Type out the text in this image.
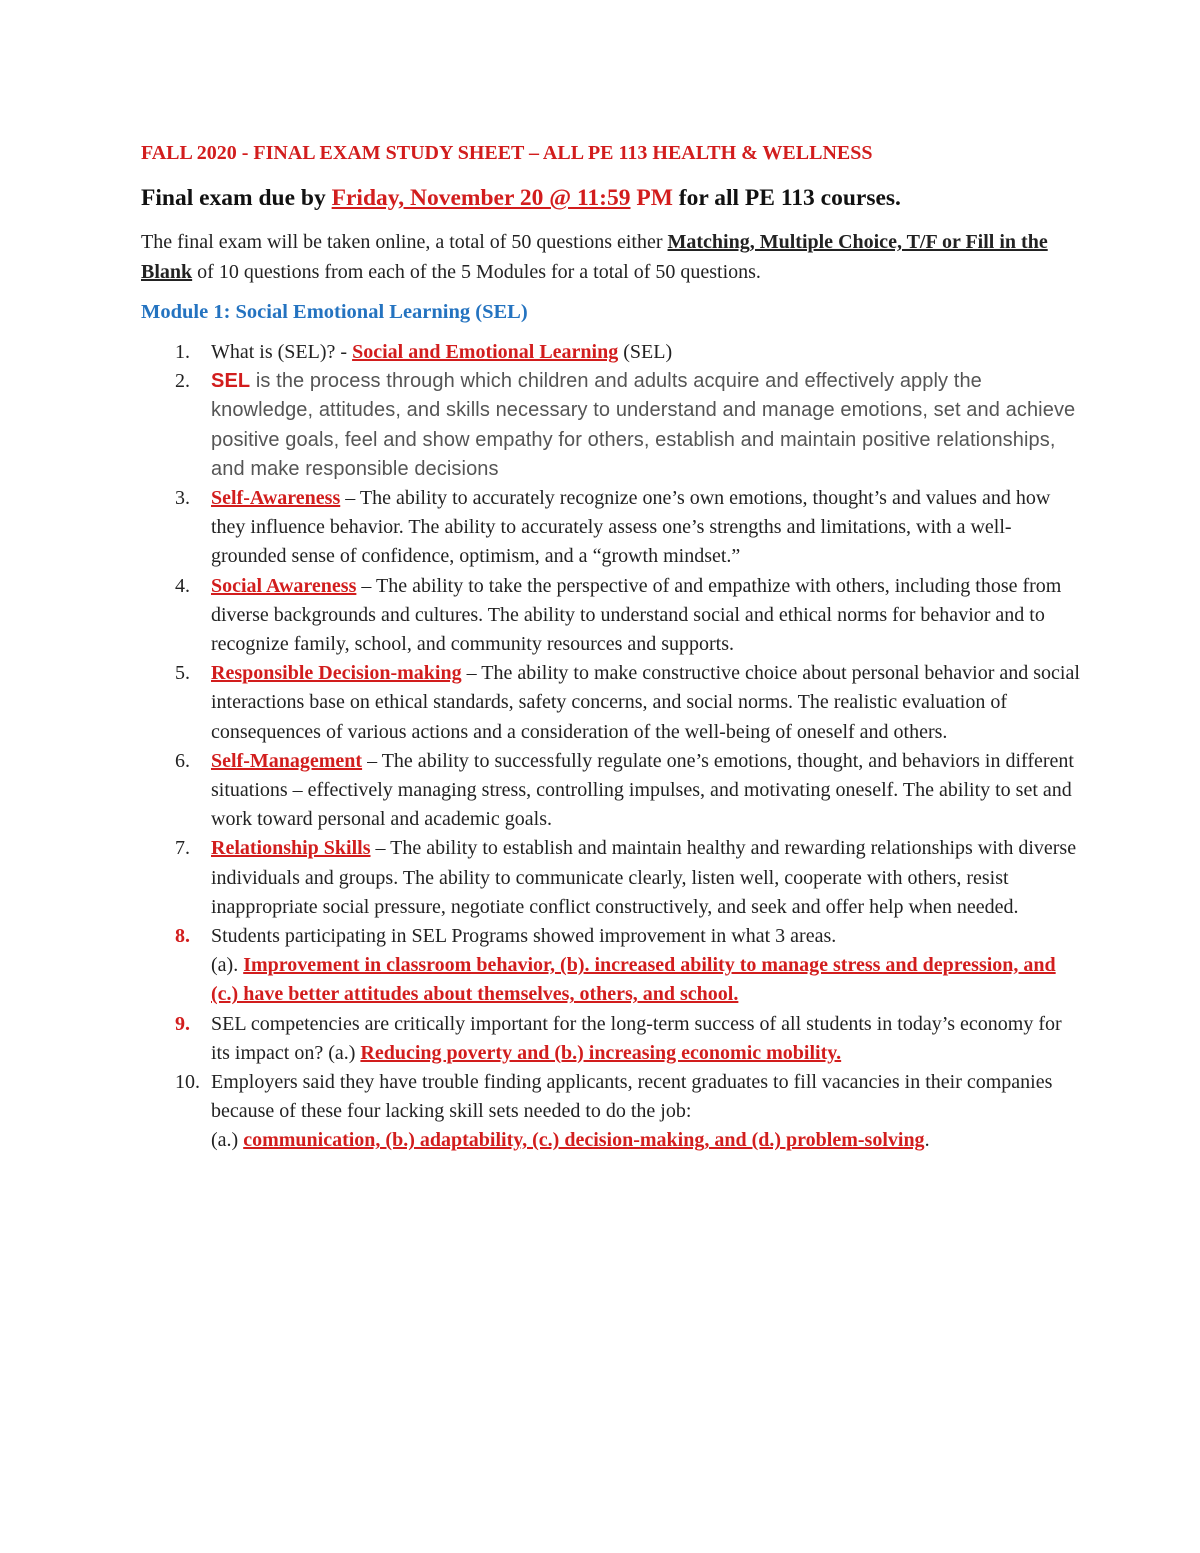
FALL 2020 - FINAL EXAM STUDY SHEET – ALL PE 113 HEALTH & WELLNESS
Final exam due by Friday, November 20 @ 11:59 PM for all PE 113 courses.
The final exam will be taken online, a total of 50 questions either Matching, Multiple Choice, T/F or Fill in the Blank of 10 questions from each of the 5 Modules for a total of 50 questions.
Module 1: Social Emotional Learning (SEL)
1. What is (SEL)? - Social and Emotional Learning (SEL)
2. SEL is the process through which children and adults acquire and effectively apply the knowledge, attitudes, and skills necessary to understand and manage emotions, set and achieve positive goals, feel and show empathy for others, establish and maintain positive relationships, and make responsible decisions
3. Self-Awareness – The ability to accurately recognize one’s own emotions, thought’s and values and how they influence behavior. The ability to accurately assess one’s strengths and limitations, with a well-grounded sense of confidence, optimism, and a “growth mindset.”
4. Social Awareness – The ability to take the perspective of and empathize with others, including those from diverse backgrounds and cultures. The ability to understand social and ethical norms for behavior and to recognize family, school, and community resources and supports.
5. Responsible Decision-making – The ability to make constructive choice about personal behavior and social interactions base on ethical standards, safety concerns, and social norms. The realistic evaluation of consequences of various actions and a consideration of the well-being of oneself and others.
6. Self-Management – The ability to successfully regulate one’s emotions, thought, and behaviors in different situations – effectively managing stress, controlling impulses, and motivating oneself. The ability to set and work toward personal and academic goals.
7. Relationship Skills – The ability to establish and maintain healthy and rewarding relationships with diverse individuals and groups. The ability to communicate clearly, listen well, cooperate with others, resist inappropriate social pressure, negotiate conflict constructively, and seek and offer help when needed.
8. Students participating in SEL Programs showed improvement in what 3 areas.
(a). Improvement in classroom behavior, (b). increased ability to manage stress and depression, and (c.) have better attitudes about themselves, others, and school.
9. SEL competencies are critically important for the long-term success of all students in today’s economy for its impact on? (a.) Reducing poverty and (b.) increasing economic mobility.
10. Employers said they have trouble finding applicants, recent graduates to fill vacancies in their companies because of these four lacking skill sets needed to do the job:
(a.) communication, (b.) adaptability, (c.) decision-making, and (d.) problem-solving.
